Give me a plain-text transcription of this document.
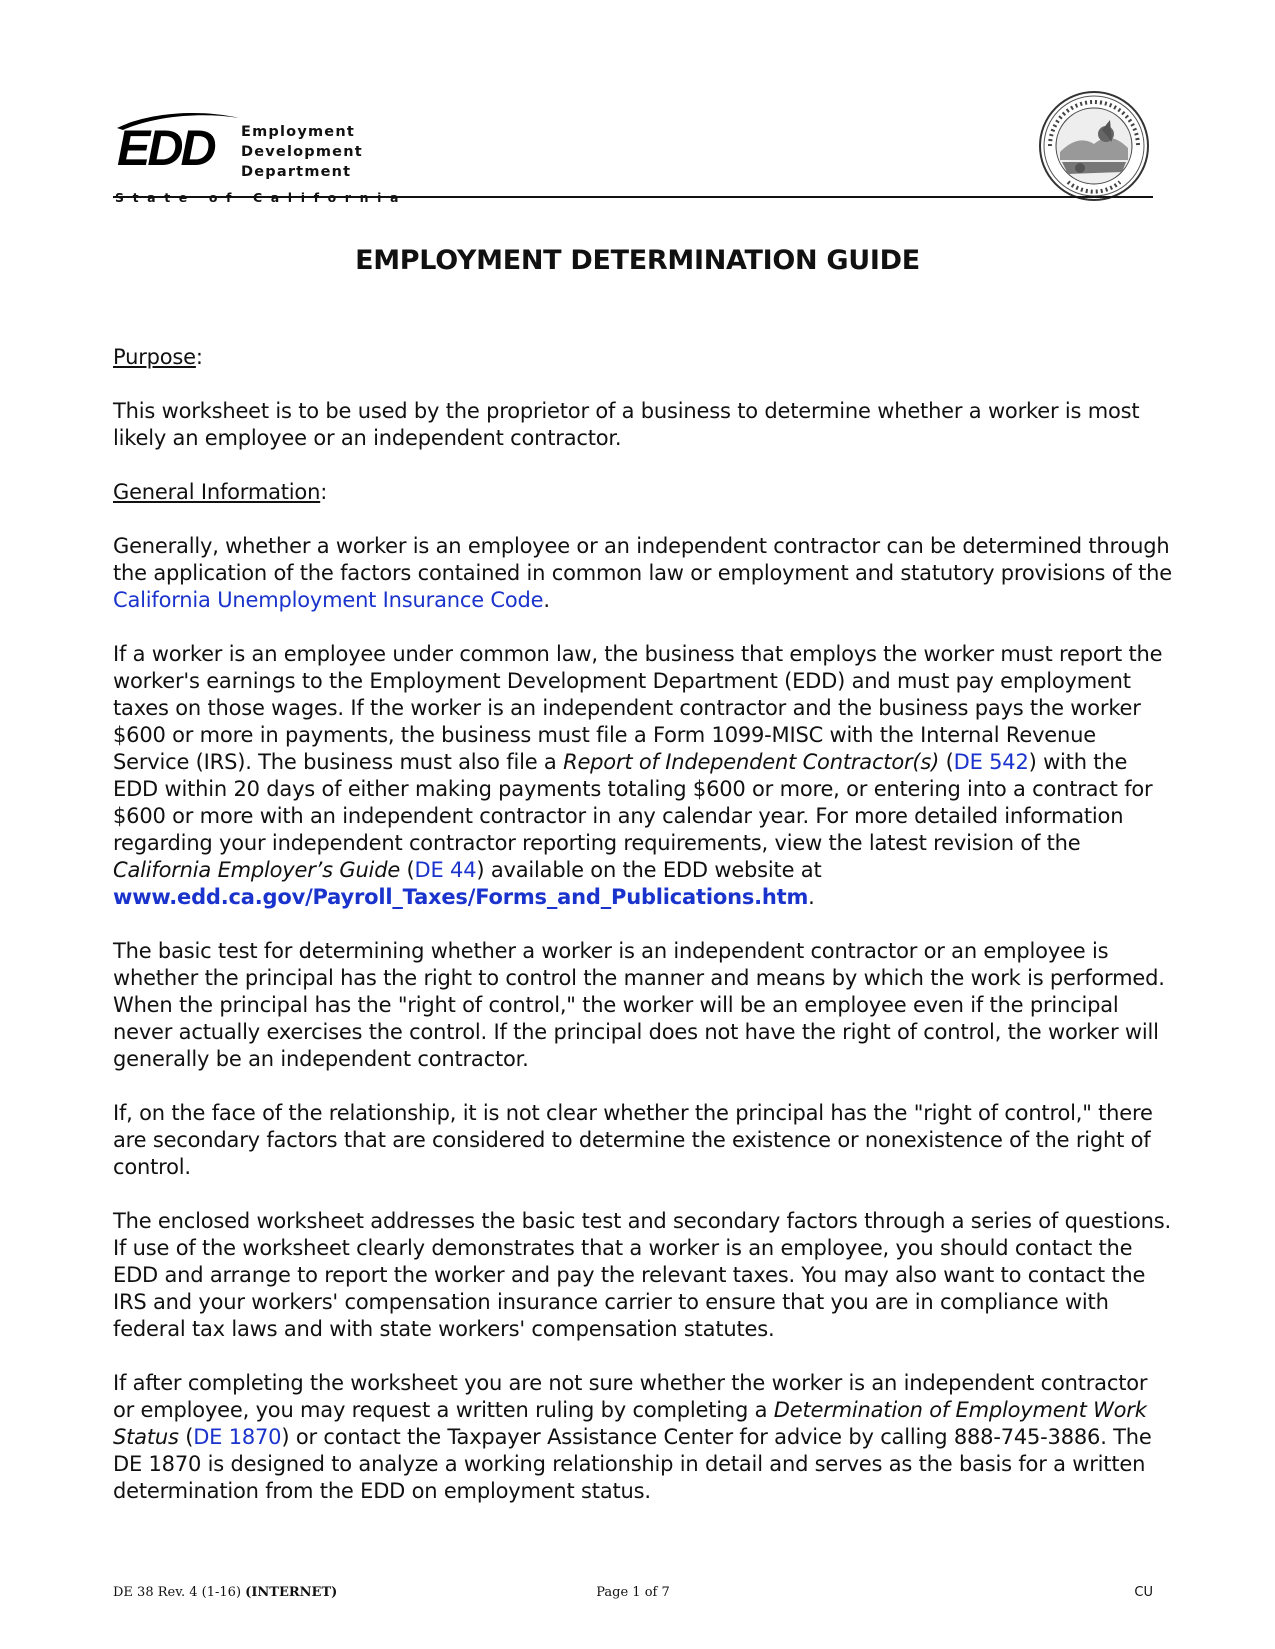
EDD Employment
Development
Department
EMPLOYMENT DETERMINATION GUIDE

Purpose:

This worksheet is to be used by the proprietor of a business to determine whether a worker is most likely an employee or an independent contractor.

General Information:

Generally, whether a worker is an employee or an independent contractor can be determined through the application of the factors contained in common law or employment and statutory provisions of the California Unemployment Insurance Code.

If a worker is an employee under common law, the business that employs the worker must report the worker's earnings to the Employment Development Department (EDD) and must pay employment taxes on those wages. If the worker is an independent contractor and the business pays the worker $600 or more in payments, the business must file a Form 1099-MISC with the Internal Revenue Service (IRS). The business must also file a Report of Independent Contractor(s) (DE 542) with the EDD within 20 days of either making payments totaling $600 or more, or entering into a contract for $600 or more with an independent contractor in any calendar year. For more detailed information regarding your independent contractor reporting requirements, view the latest revision of the California Employer’s Guide (DE 44) available on the EDD website at www.edd.ca.gov/Payroll_Taxes/Forms_and_Publications.htm.

The basic test for determining whether a worker is an independent contractor or an employee is whether the principal has the right to control the manner and means by which the work is performed. When the principal has the "right of control," the worker will be an employee even if the principal never actually exercises the control. If the principal does not have the right of control, the worker will generally be an independent contractor.

If, on the face of the relationship, it is not clear whether the principal has the "right of control," there are secondary factors that are considered to determine the existence or nonexistence of the right of control.

The enclosed worksheet addresses the basic test and secondary factors through a series of questions. If use of the worksheet clearly demonstrates that a worker is an employee, you should contact the EDD and arrange to report the worker and pay the relevant taxes. You may also want to contact the IRS and your workers' compensation insurance carrier to ensure that you are in compliance with federal tax laws and with state workers' compensation statutes.

If after completing the worksheet you are not sure whether the worker is an independent contractor or employee, you may request a written ruling by completing a Determination of Employment Work Status (DE 1870) or contact the Taxpayer Assistance Center for advice by calling 888-745-3886. The DE 1870 is designed to analyze a working relationship in detail and serves as the basis for a written determination from the EDD on employment status.

DE 38 Rev. 4 (1-16) (INTERNET)	Page 1 of 7	CU
